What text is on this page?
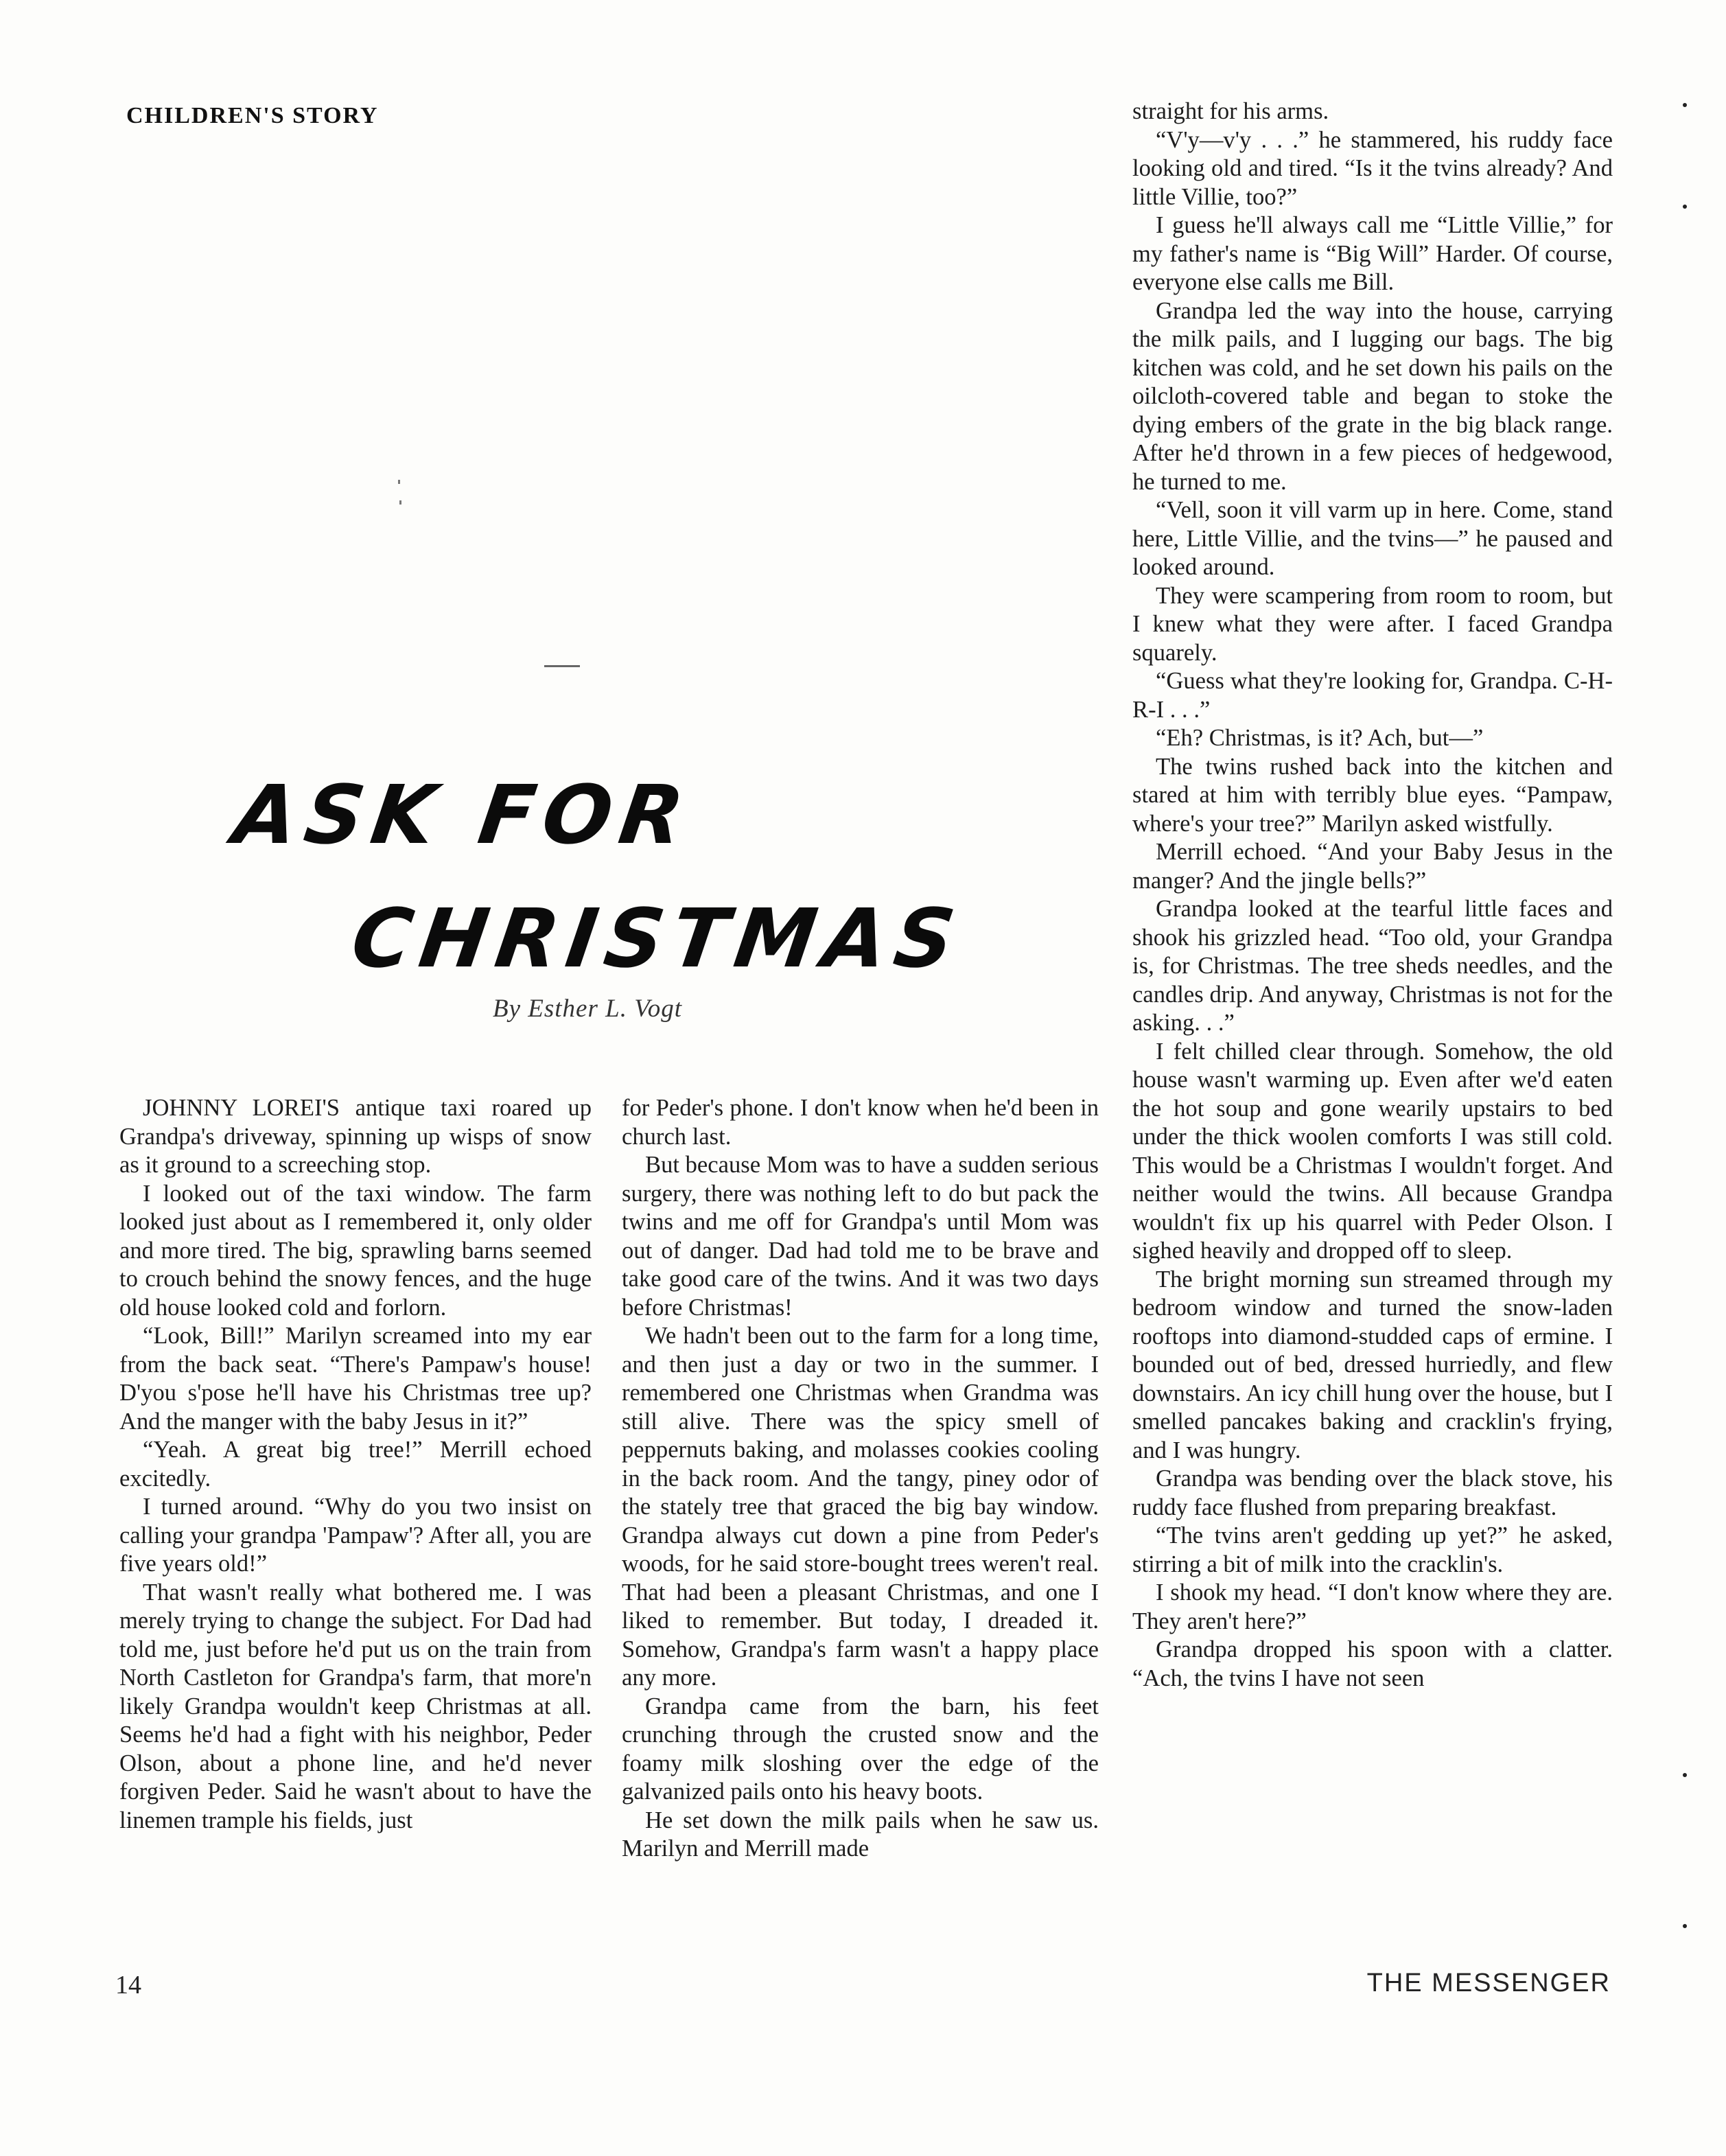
CHILDREN'S STORY
ASK FOR
CHRISTMAS
By Esther L. Vogt

JOHNNY LOREI'S antique taxi roared up Grandpa's driveway, spinning up wisps of snow as it ground to a screeching stop.

I looked out of the taxi window. The farm looked just about as I remembered it, only older and more tired. The big, sprawling barns seemed to crouch behind the snowy fences, and the huge old house looked cold and forlorn.

“Look, Bill!” Marilyn screamed into my ear from the back seat. “There's Pampaw's house! D'you s'pose he'll have his Christmas tree up? And the manger with the baby Jesus in it?”

“Yeah. A great big tree!” Merrill echoed excitedly.

I turned around. “Why do you two insist on calling your grandpa 'Pampaw'? After all, you are five years old!”

That wasn't really what bothered me. I was merely trying to change the subject. For Dad had told me, just before he'd put us on the train from North Castleton for Grandpa's farm, that more'n likely Grandpa wouldn't keep Christmas at all. Seems he'd had a fight with his neighbor, Peder Olson, about a phone line, and he'd never forgiven Peder. Said he wasn't about to have the linemen trample his fields, just

for Peder's phone. I don't know when he'd been in church last.

But because Mom was to have a sudden serious surgery, there was nothing left to do but pack the twins and me off for Grandpa's until Mom was out of danger. Dad had told me to be brave and take good care of the twins. And it was two days before Christmas!

We hadn't been out to the farm for a long time, and then just a day or two in the summer. I remembered one Christmas when Grandma was still alive. There was the spicy smell of peppernuts baking, and molasses cookies cooling in the back room. And the tangy, piney odor of the stately tree that graced the big bay window. Grandpa always cut down a pine from Peder's woods, for he said store-bought trees weren't real. That had been a pleasant Christmas, and one I liked to remember. But today, I dreaded it. Somehow, Grandpa's farm wasn't a happy place any more.

Grandpa came from the barn, his feet crunching through the crusted snow and the foamy milk sloshing over the edge of the galvanized pails onto his heavy boots.

He set down the milk pails when he saw us. Marilyn and Merrill made

straight for his arms.

“V'y—v'y . . .” he stammered, his ruddy face looking old and tired. “Is it the tvins already? And little Villie, too?”

I guess he'll always call me “Little Villie,” for my father's name is “Big Will” Harder. Of course, everyone else calls me Bill.

Grandpa led the way into the house, carrying the milk pails, and I lugging our bags. The big kitchen was cold, and he set down his pails on the oilcloth-covered table and began to stoke the dying embers of the grate in the big black range. After he'd thrown in a few pieces of hedgewood, he turned to me.

“Vell, soon it vill varm up in here. Come, stand here, Little Villie, and the tvins—” he paused and looked around.

They were scampering from room to room, but I knew what they were after. I faced Grandpa squarely.

“Guess what they're looking for, Grandpa. C-H-R-I . . .”

“Eh? Christmas, is it? Ach, but—”

The twins rushed back into the kitchen and stared at him with terribly blue eyes. “Pampaw, where's your tree?” Marilyn asked wistfully.

Merrill echoed. “And your Baby Jesus in the manger? And the jingle bells?”

Grandpa looked at the tearful little faces and shook his grizzled head. “Too old, your Grandpa is, for Christmas. The tree sheds needles, and the candles drip. And anyway, Christmas is not for the asking. . .”

I felt chilled clear through. Somehow, the old house wasn't warming up. Even after we'd eaten the hot soup and gone wearily upstairs to bed under the thick woolen comforts I was still cold. This would be a Christmas I wouldn't forget. And neither would the twins. All because Grandpa wouldn't fix up his quarrel with Peder Olson. I sighed heavily and dropped off to sleep.

The bright morning sun streamed through my bedroom window and turned the snow-laden rooftops into diamond-studded caps of ermine. I bounded out of bed, dressed hurriedly, and flew downstairs. An icy chill hung over the house, but I smelled pancakes baking and cracklin's frying, and I was hungry.

Grandpa was bending over the black stove, his ruddy face flushed from preparing breakfast.

“The tvins aren't gedding up yet?” he asked, stirring a bit of milk into the cracklin's.

I shook my head. “I don't know where they are. They aren't here?”

Grandpa dropped his spoon with a clatter. “Ach, the tvins I have not seen

14	THE MESSENGER
